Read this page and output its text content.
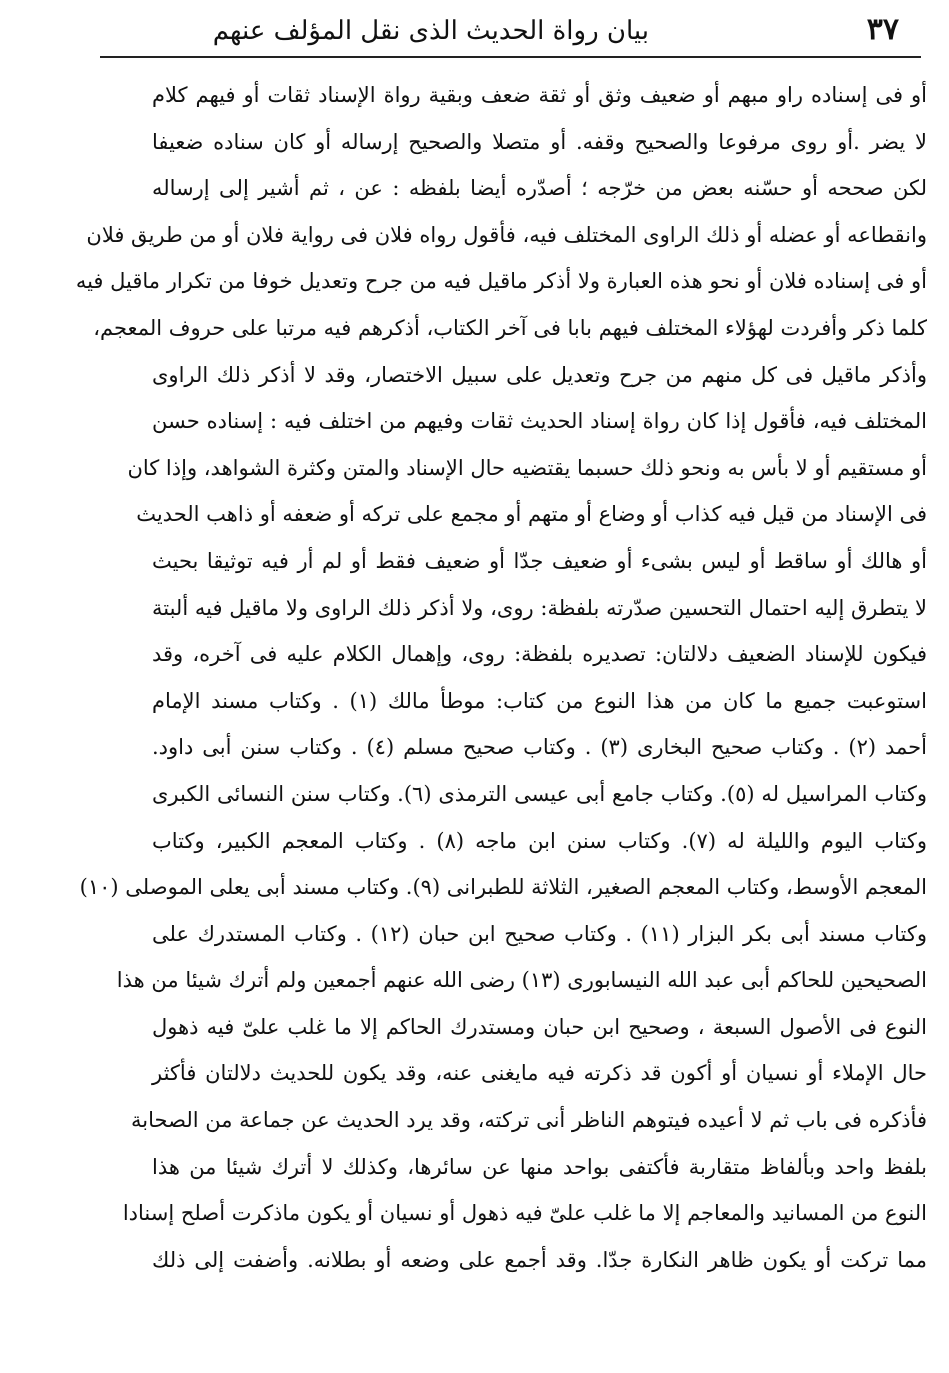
٣٧
بيان رواة الحديث الذى نقل المؤلف عنهم
أو فى إسناده راو مبهم أو ضعيف وثق أو ثقة ضعف وبقية رواة الإسناد ثقات أو فيهم كلام
لا يضر .أو روى مرفوعا والصحيح وقفه. أو متصلا والصحيح إرساله أو كان سناده ضعيفا
لكن صححه أو حسّنه بعض من خرّجه ؛ أصدّره أيضا بلفظه : عن ، ثم أشير إلى إرساله
وانقطاعه أو عضله أو ذلك الراوى المختلف فيه، فأقول رواه فلان فى رواية فلان أو من طريق فلان
أو فى إسناده فلان أو نحو هذه العبارة ولا أذكر ماقيل فيه من جرح وتعديل خوفا من تكرار ماقيل فيه
كلما ذكر وأفردت لهؤلاء المختلف فيهم بابا فى آخر الكتاب، أذكرهم فيه مرتبا على حروف المعجم،
وأذكر ماقيل فى كل منهم من جرح وتعديل على سبيل الاختصار، وقد لا أذكر ذلك الراوى
المختلف فيه، فأقول إذا كان رواة إسناد الحديث ثقات وفيهم من اختلف فيه : إسناده حسن
أو مستقيم أو لا بأس به ونحو ذلك حسبما يقتضيه حال الإسناد والمتن وكثرة الشواهد، وإذا كان
فى الإسناد من قيل فيه كذاب أو وضاع أو متهم أو مجمع على تركه أو ضعفه أو ذاهب الحديث
أو هالك أو ساقط أو ليس بشىء أو ضعيف جدّا أو ضعيف فقط أو لم أر فيه توثيقا بحيث
لا يتطرق إليه احتمال التحسين صدّرته بلفظة: روى، ولا أذكر ذلك الراوى ولا ماقيل فيه ألبتة
فيكون للإسناد الضعيف دلالتان: تصديره بلفظة: روى، وإهمال الكلام عليه فى آخره، وقد
استوعبت جميع ما كان من هذا النوع من كتاب: موطأ مالك (١) . وكتاب مسند الإمام
أحمد (٢) . وكتاب صحيح البخارى (٣) . وكتاب صحيح مسلم (٤) . وكتاب سنن أبى داود.
وكتاب المراسيل له (٥). وكتاب جامع أبى عيسى الترمذى (٦). وكتاب سنن النسائى الكبرى
وكتاب اليوم والليلة له (٧). وكتاب سنن ابن ماجه (٨) . وكتاب المعجم الكبير، وكتاب
المعجم الأوسط، وكتاب المعجم الصغير، الثلاثة للطبرانى (٩). وكتاب مسند أبى يعلى الموصلى (١٠)
وكتاب مسند أبى بكر البزار (١١) . وكتاب صحيح ابن حبان (١٢) . وكتاب المستدرك على
الصحيحين للحاكم أبى عبد الله النيسابورى (١٣) رضى الله عنهم أجمعين ولم أترك شيئا من هذا
النوع فى الأصول السبعة ، وصحيح ابن حبان ومستدرك الحاكم إلا ما غلب علىّ فيه ذهول
حال الإملاء أو نسيان أو أكون قد ذكرته فيه مايغنى عنه، وقد يكون للحديث دلالتان فأكثر
فأذكره فى باب ثم لا أعيده فيتوهم الناظر أنى تركته، وقد يرد الحديث عن جماعة من الصحابة
بلفظ واحد وبألفاظ متقاربة فأكتفى بواحد منها عن سائرها، وكذلك لا أترك شيئا من هذا
النوع من المسانيد والمعاجم إلا ما غلب علىّ فيه ذهول أو نسيان أو يكون ماذكرت أصلح إسنادا
مما تركت أو يكون ظاهر النكارة جدّا. وقد أجمع على وضعه أو بطلانه. وأضفت إلى ذلك
